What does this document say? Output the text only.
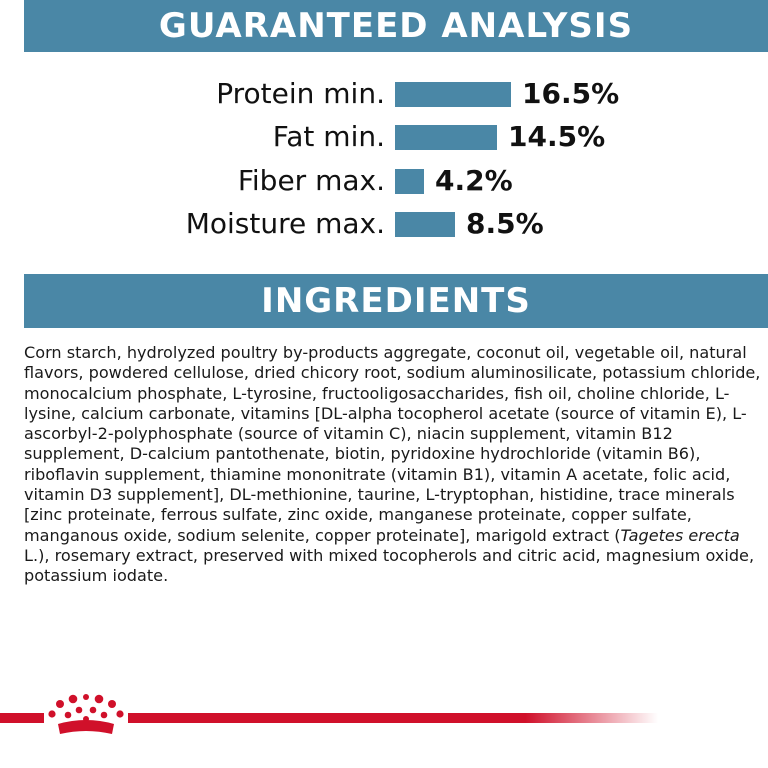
GUARANTEED ANALYSIS
Protein min.	16.5%
Fat min.	14.5%
Fiber max. 4.2%
Moisture max.	8.5%
INGREDIENTS
Corn starch, hydrolyzed poultry by-products aggregate, coconut oil, vegetable oil, natural flavors, powdered cellulose, dried chicory root, sodium aluminosilicate, potassium chloride, monocalcium phosphate, L-tyrosine, fructooligosaccharides, fish oil, choline chloride, L-lysine, calcium carbonate, vitamins [DL-alpha tocopherol acetate (source of vitamin E), L-ascorbyl-2-polyphosphate (source of vitamin C), niacin supplement, vitamin B12 supplement, D-calcium pantothenate, biotin, pyridoxine hydrochloride (vitamin B6), riboflavin supplement, thiamine mononitrate (vitamin B1), vitamin A acetate, folic acid, vitamin D3 supplement], DL-methionine, taurine, L-tryptophan, histidine, trace minerals [zinc proteinate, ferrous sulfate, zinc oxide, manganese proteinate, copper sulfate, manganous oxide, sodium selenite, copper proteinate], marigold extract (Tagetes erecta L.), rosemary extract, preserved with mixed tocopherols and citric acid, magnesium oxide, potassium iodate.
